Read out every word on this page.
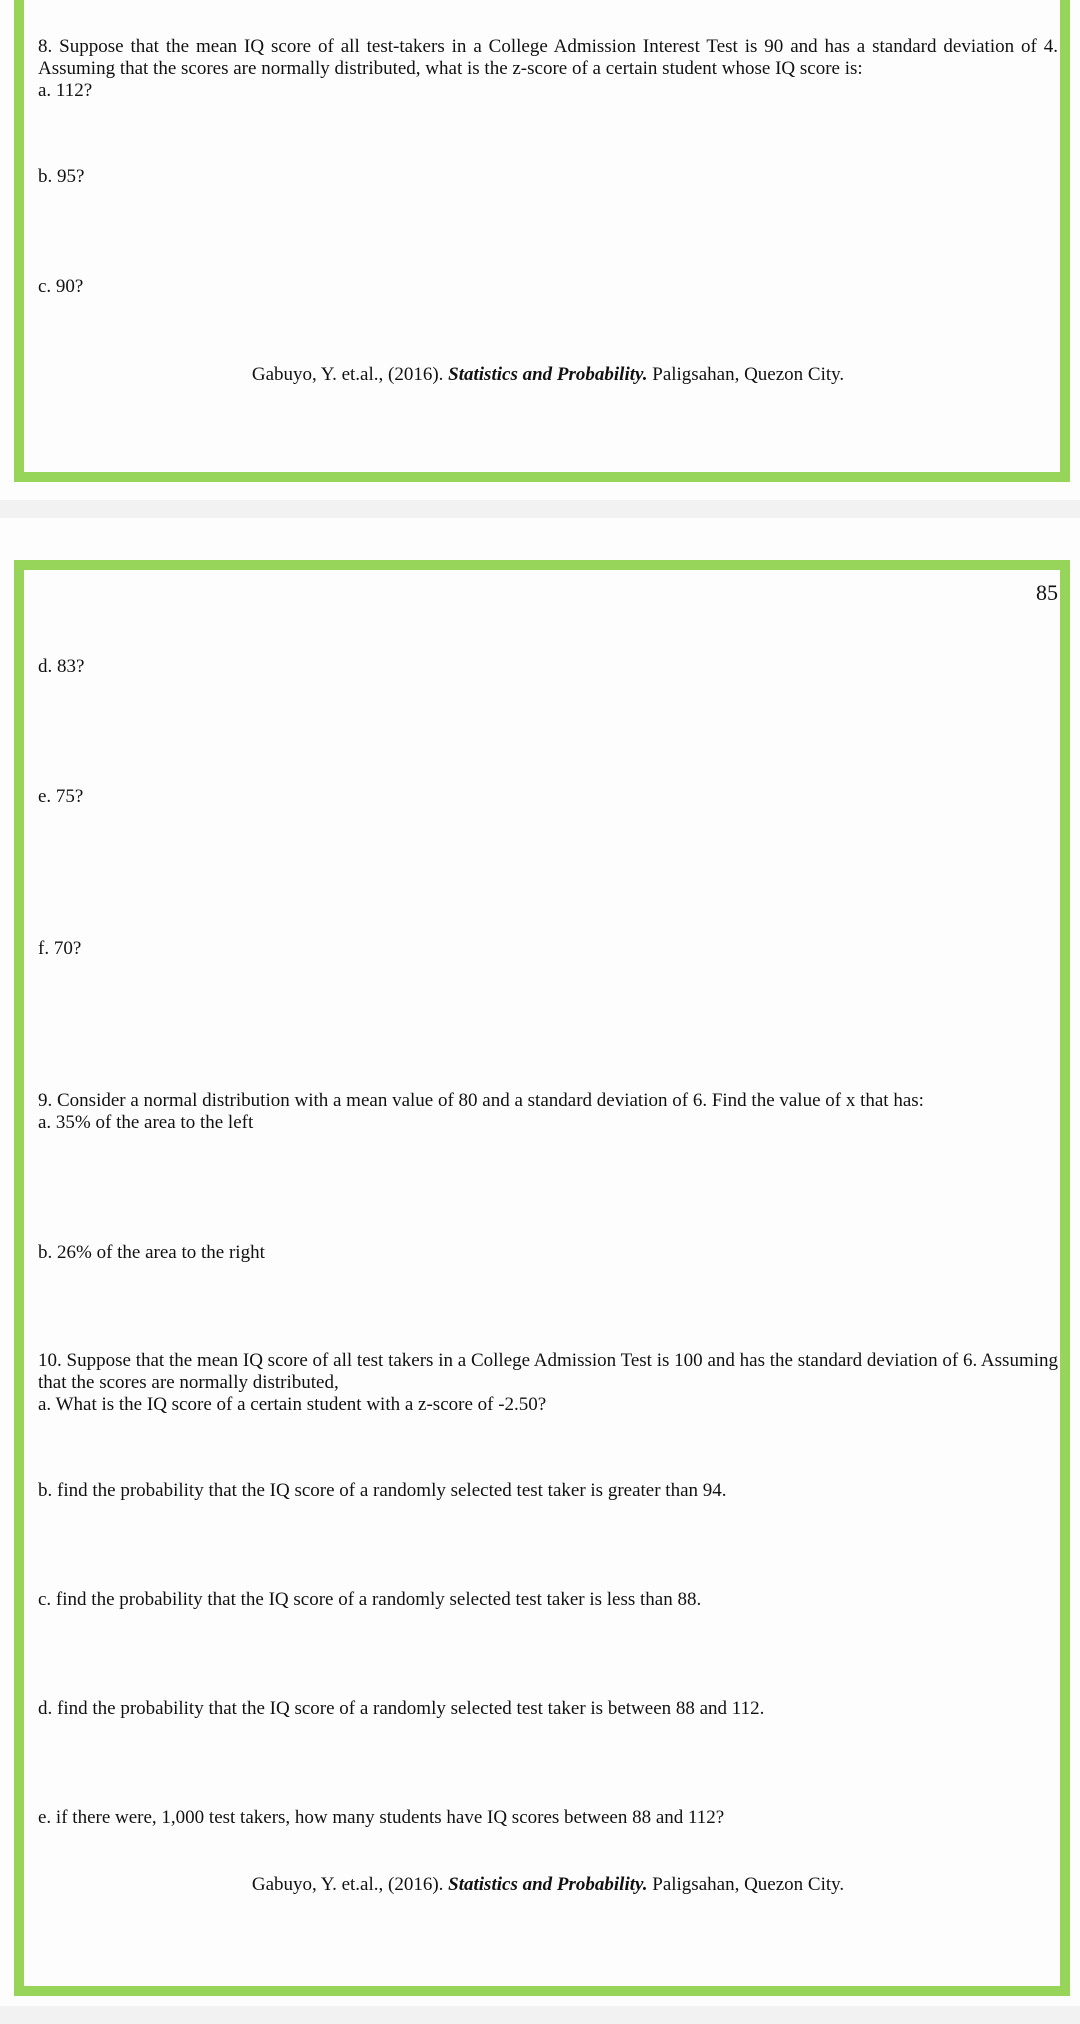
8. Suppose that the mean IQ score of all test-takers in a College Admission Interest Test is 90 and has a standard deviation of 4. Assuming that the scores are normally distributed, what is the z-score of a certain student whose IQ score is:

a. 112?

b. 95?

c. 90?

Gabuyo, Y. et.al., (2016). Statistics and Probability. Paligsahan, Quezon City.

85

d. 83?

e. 75?

f. 70?

9. Consider a normal distribution with a mean value of 80 and a standard deviation of 6. Find the value of x that has:

a. 35% of the area to the left

b. 26% of the area to the right

10. Suppose that the mean IQ score of all test takers in a College Admission Test is 100 and has the standard deviation of 6. Assuming that the scores are normally distributed,

a. What is the IQ score of a certain student with a z-score of -2.50?

b. find the probability that the IQ score of a randomly selected test taker is greater than 94.

c. find the probability that the IQ score of a randomly selected test taker is less than 88.

d. find the probability that the IQ score of a randomly selected test taker is between 88 and 112.

e. if there were, 1,000 test takers, how many students have IQ scores between 88 and 112?

Gabuyo, Y. et.al., (2016). Statistics and Probability. Paligsahan, Quezon City.
